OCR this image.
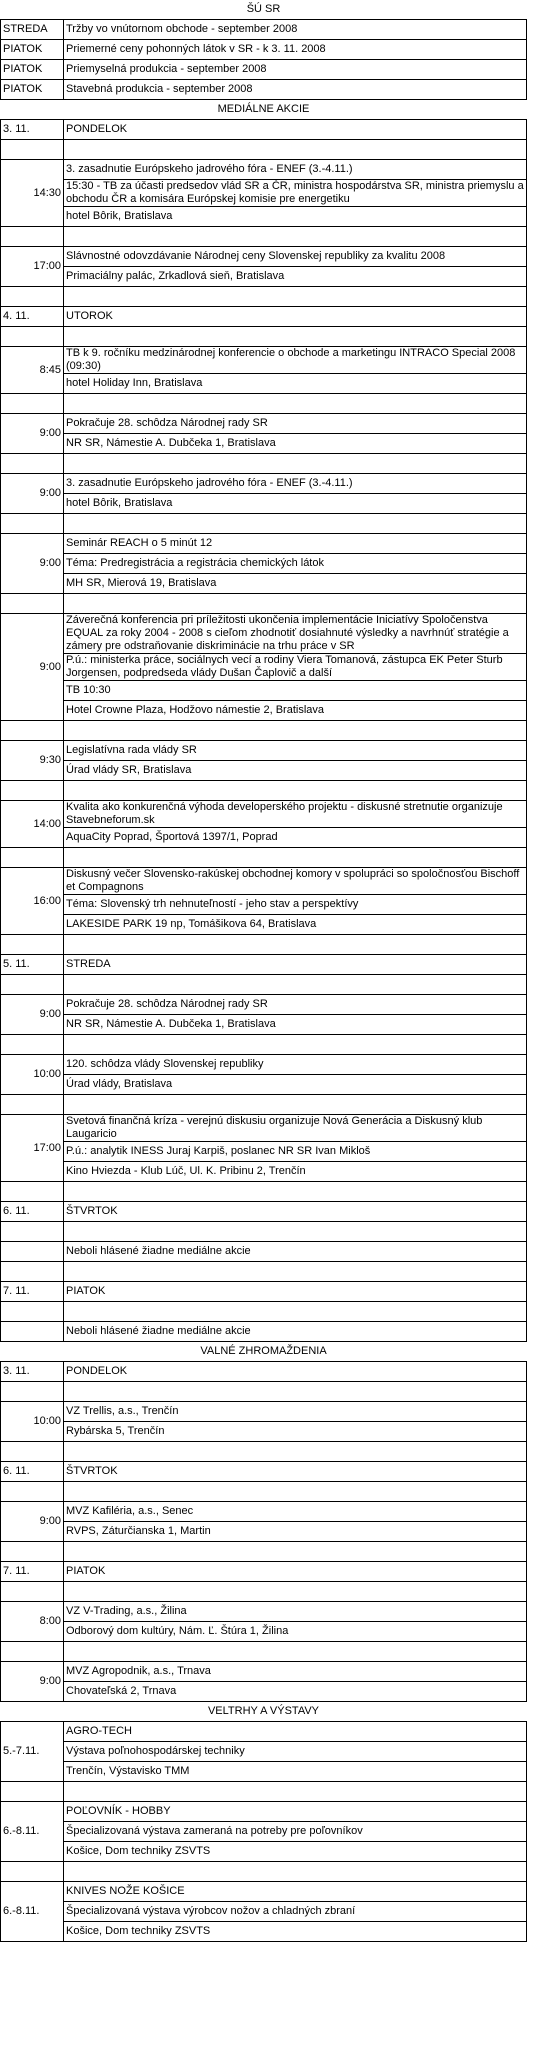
ŠÚ SR	
STREDA	Tržby vo vnútornom obchode - september 2008
PIATOK	Priemerné ceny pohonných látok v SR - k 3. 11. 2008
PIATOK	Priemyselná produkcia - september 2008
PIATOK	Stavebná produkcia - september 2008
MEDIÁLNE AKCIE	
3. 11.	PONDELOK

14:30	3. zasadnutie Európskeho jadrového fóra - ENEF (3.-4.11.)
	15:30 - TB za účasti predsedov vlád SR a ČR, ministra hospodárstva SR, ministra priemyslu a obchodu ČR a komisára Európskej komisie pre energetiku
	hotel Bôrik, Bratislava

17:00	Slávnostné odovzdávanie Národnej ceny Slovenskej republiky za kvalitu 2008
	Primaciálny palác, Zrkadlová sieň, Bratislava

4. 11.	UTOROK

8:45	TB k 9. ročníku medzinárodnej konferencie o obchode a marketingu INTRACO Special 2008 (09:30)
	hotel Holiday Inn, Bratislava

9:00	Pokračuje 28. schôdza Národnej rady SR
	NR SR, Námestie A. Dubčeka 1, Bratislava

9:00	3. zasadnutie Európskeho jadrového fóra - ENEF (3.-4.11.)
	hotel Bôrik, Bratislava

9:00	Seminár REACH o 5 minút 12
	Téma: Predregistrácia a registrácia chemických látok
	MH SR, Mierová 19, Bratislava

9:00	Záverečná konferencia pri príležitosti ukončenia implementácie Iniciatívy Spoločenstva EQUAL za roky 2004 - 2008 s cieľom zhodnotiť dosiahnuté výsledky a navrhnúť stratégie a zámery pre odstraňovanie diskriminácie na trhu práce v SR
	P.ú.: ministerka práce, sociálnych vecí a rodiny Viera Tomanová, zástupca EK Peter Sturb Jorgensen, podpredseda vlády Dušan Čaplovič a další
	TB 10:30
	Hotel Crowne Plaza, Hodžovo námestie 2, Bratislava

9:30	Legislatívna rada vlády SR
	Úrad vlády SR, Bratislava

14:00	Kvalita ako konkurenčná výhoda developerského projektu - diskusné stretnutie organizuje Stavebneforum.sk
	AquaCity Poprad, Športová 1397/1, Poprad

16:00	Diskusný večer Slovensko-rakúskej obchodnej komory v spolupráci so spoločnosťou Bischoff et Compagnons
	Téma: Slovenský trh nehnuteľností - jeho stav a perspektívy
	LAKESIDE PARK 19 np, Tomášikova 64, Bratislava

5. 11.	STREDA

9:00	Pokračuje 28. schôdza Národnej rady SR
	NR SR, Námestie A. Dubčeka 1, Bratislava

10:00	120. schôdza vlády Slovenskej republiky
	Úrad vlády, Bratislava

17:00	Svetová finančná kríza - verejnú diskusiu organizuje Nová Generácia a Diskusný klub Laugaricio
	P.ú.: analytik INESS Juraj Karpiš, poslanec NR SR Ivan Mikloš
	Kino Hviezda - Klub Lúč, Ul. K. Pribinu 2, Trenčín

6. 11.	ŠTVRTOK

	Neboli hlásené žiadne mediálne akcie

7. 11.	PIATOK

	Neboli hlásené žiadne mediálne akcie
VALNÉ ZHROMAŽDENIA	
3. 11.	PONDELOK

10:00	VZ Trellis, a.s., Trenčín
	Rybárska 5, Trenčín

6. 11.	ŠTVRTOK

9:00	MVZ Kafiléria, a.s., Senec
	RVPS, Záturčianska 1, Martin

7. 11.	PIATOK

8:00	VZ V-Trading, a.s., Žilina
	Odborový dom kultúry, Nám. Ľ. Štúra 1, Žilina

9:00	MVZ Agropodnik, a.s., Trnava
	Chovateľská 2, Trnava
VELTRHY A VÝSTAVY	
5.-7.11.	AGRO-TECH
	Výstava poľnohospodárskej techniky
	Trenčín, Výstavisko TMM

6.-8.11.	POĽOVNÍK - HOBBY
	Špecializovaná výstava zameraná na potreby pre poľovníkov
	Košice, Dom techniky ZSVTS

6.-8.11.	KNIVES NOŽE KOŠICE
	Špecializovaná výstava výrobcov nožov a chladných zbraní
	Košice, Dom techniky ZSVTS
